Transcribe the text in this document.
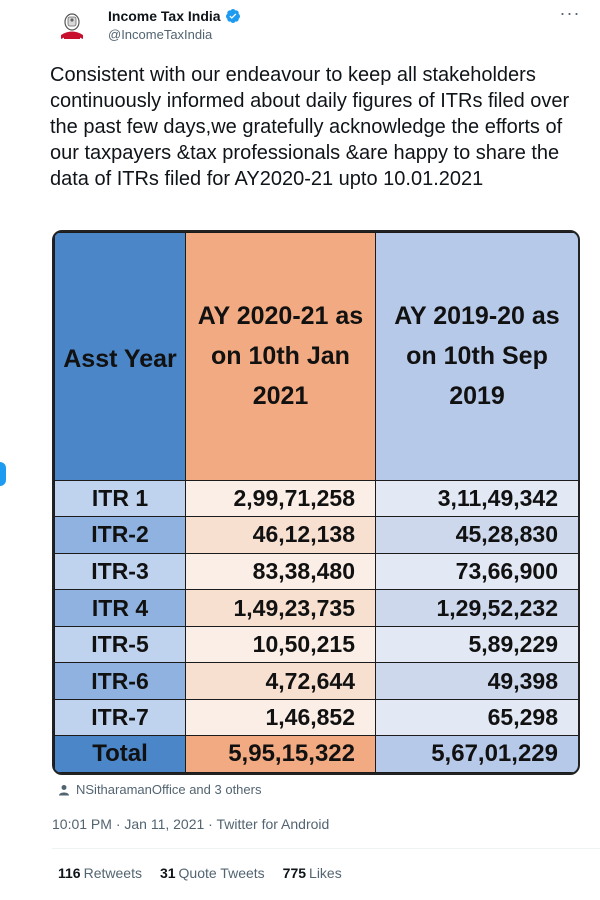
Income Tax India
@IncomeTaxIndia
···
Consistent with our endeavour to keep all stakeholders continuously informed about daily figures of ITRs filed over the past few days,we gratefully acknowledge the efforts of our taxpayers &tax professionals &are happy to share the data of ITRs filed for AY2020-21 upto 10.01.2021
Asst Year	AY 2020-21 as on 10th Jan 2021	AY 2019-20 as on 10th Sep 2019
ITR 1	2,99,71,258	3,11,49,342
ITR-2	46,12,138	45,28,830
ITR-3	83,38,480	73,66,900
ITR 4	1,49,23,735	1,29,52,232
ITR-5	10,50,215	5,89,229
ITR-6	4,72,644	49,398
ITR-7	1,46,852	65,298
Total	5,95,15,322	5,67,01,229
NSitharamanOffice and 3 others
10:01 PM · Jan 11, 2021 · Twitter for Android
116 Retweets 31 Quote Tweets 775 Likes
